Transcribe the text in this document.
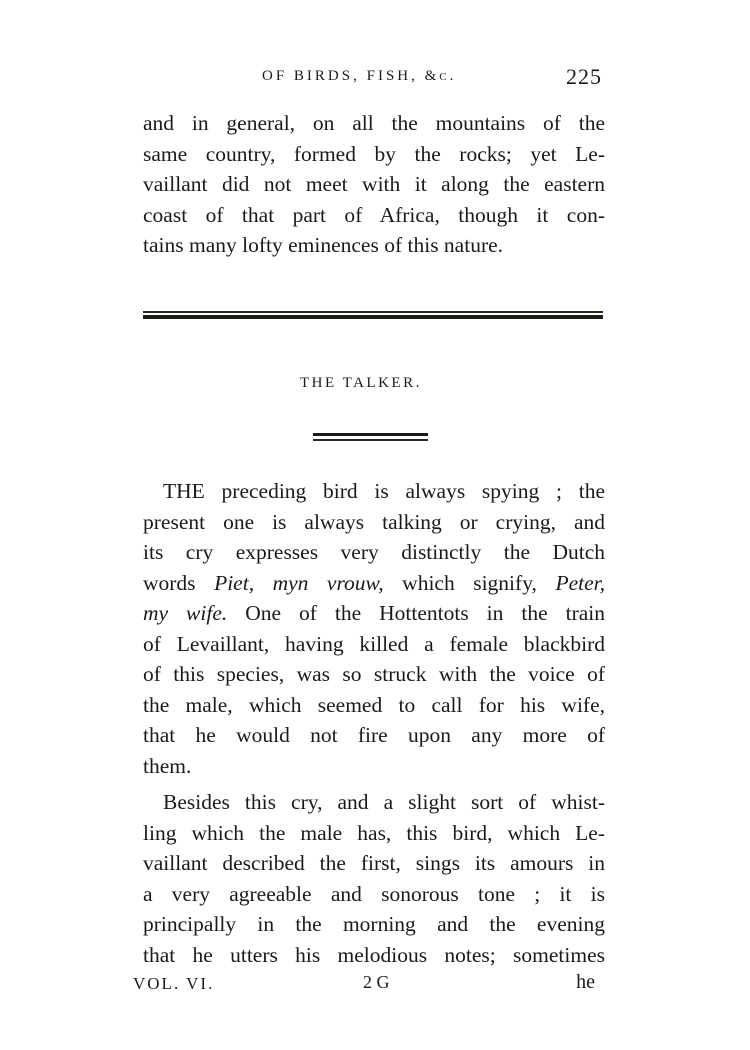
OF BIRDS, FISH, &c.	225
and in general, on all the mountains of the
same country, formed by the rocks; yet Le-
vaillant did not meet with it along the eastern
coast of that part of Africa, though it con-
tains many lofty eminences of this nature.
THE TALKER.
THE preceding bird is always spying ; the
present one is always talking or crying, and
its cry expresses very distinctly the Dutch
words Piet, myn vrouw, which signify, Peter,
my wife. One of the Hottentots in the train
of Levaillant, having killed a female blackbird
of this species, was so struck with the voice of
the male, which seemed to call for his wife,
that he would not fire upon any more of
them.
Besides this cry, and a slight sort of whist-
ling which the male has, this bird, which Le-
vaillant described the first, sings its amours in
a very agreeable and sonorous tone ; it is
principally in the morning and the evening
that he utters his melodious notes; sometimes
VOL. VI.	2 G	he
